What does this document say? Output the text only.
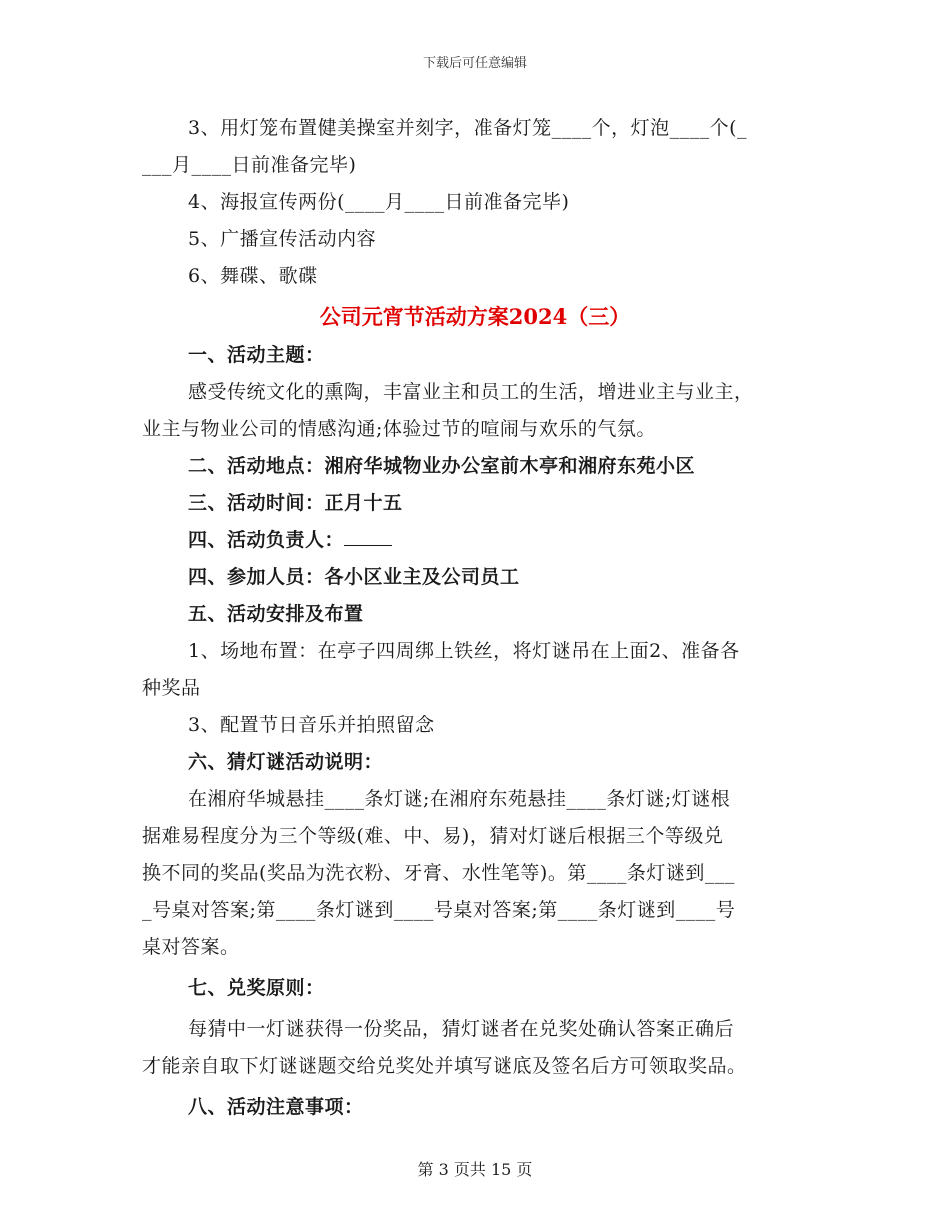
下载后可任意编辑
3、用灯笼布置健美操室并刻字，准备灯笼____个，灯泡____个(_
___月____日前准备完毕)
4、海报宣传两份(____月____日前准备完毕)
5、广播宣传活动内容
6、舞碟、歌碟
公司元宵节活动方案2024（三）
一、活动主题：
感受传统文化的熏陶，丰富业主和员工的生活，增进业主与业主，
业主与物业公司的情感沟通;体验过节的喧闹与欢乐的气氛。
二、活动地点：湘府华城物业办公室前木亭和湘府东苑小区
三、活动时间：正月十五
四、活动负责人：
四、参加人员：各小区业主及公司员工
五、活动安排及布置
1、场地布置：在亭子四周绑上铁丝，将灯谜吊在上面2、准备各
种奖品
3、配置节日音乐并拍照留念
六、猜灯谜活动说明：
在湘府华城悬挂____条灯谜;在湘府东苑悬挂____条灯谜;灯谜根
据难易程度分为三个等级(难、中、易)，猜对灯谜后根据三个等级兑
换不同的奖品(奖品为洗衣粉、牙膏、水性笔等)。第____条灯谜到___
_号桌对答案;第____条灯谜到____号桌对答案;第____条灯谜到____号
桌对答案。
七、兑奖原则：
每猜中一灯谜获得一份奖品，猜灯谜者在兑奖处确认答案正确后
才能亲自取下灯谜谜题交给兑奖处并填写谜底及签名后方可领取奖品。
八、活动注意事项：
第 3 页共 15 页
